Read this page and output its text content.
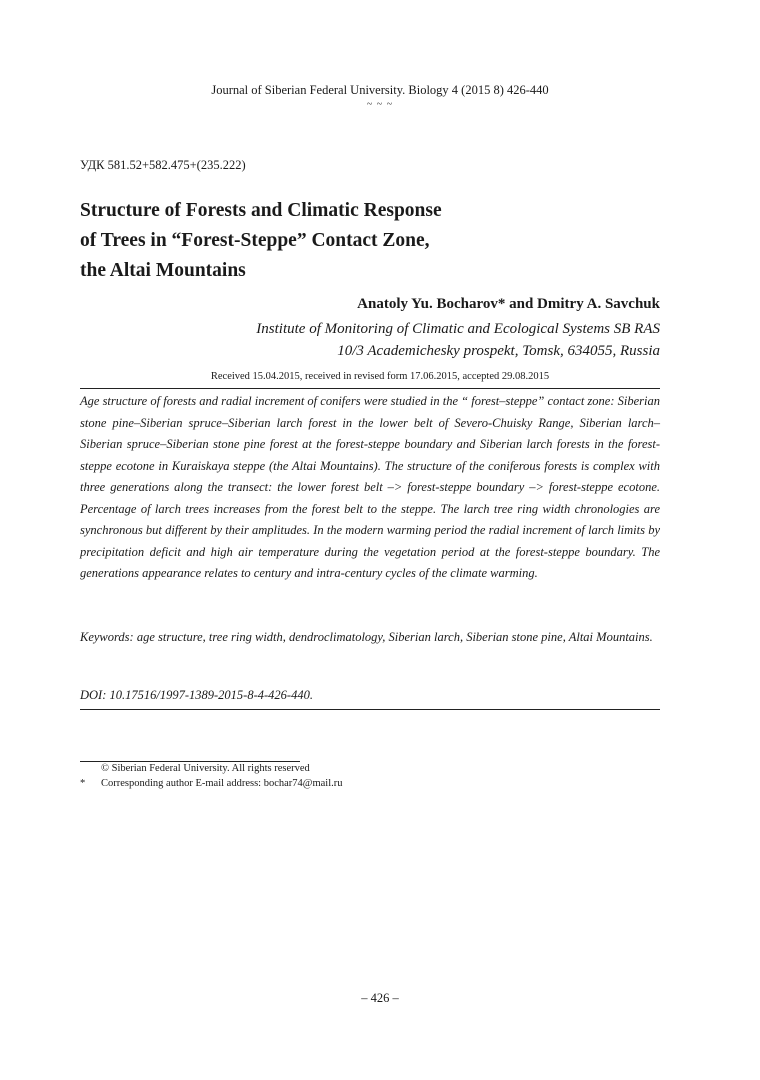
Journal of Siberian Federal University. Biology 4 (2015 8) 426-440
~ ~ ~
УДК 581.52+582.475+(235.222)
Structure of Forests and Climatic Response
of Trees in “Forest-Steppe” Contact Zone,
the Altai Mountains
Anatoly Yu. Bocharov* and Dmitry A. Savchuk
Institute of Monitoring of Climatic and Ecological Systems SB RAS
10/3 Academichesky prospekt, Tomsk, 634055, Russia
Received 15.04.2015, received in revised form 17.06.2015, accepted 29.08.2015
Age structure of forests and radial increment of conifers were studied in the “ forest–steppe” contact zone: Siberian stone pine–Siberian spruce–Siberian larch forest in the lower belt of Severo-Chuisky Range, Siberian larch–Siberian spruce–Siberian stone pine forest at the forest-steppe boundary and Siberian larch forests in the forest-steppe ecotone in Kuraiskaya steppe (the Altai Mountains). The structure of the coniferous forests is complex with three generations along the transect: the lower forest belt –> forest-steppe boundary –> forest-steppe ecotone. Percentage of larch trees increases from the forest belt to the steppe. The larch tree ring width chronologies are synchronous but different by their amplitudes. In the modern warming period the radial increment of larch limits by precipitation deficit and high air temperature during the vegetation period at the forest-steppe boundary. The generations appearance relates to century and intra-century cycles of the climate warming.
Keywords: age structure, tree ring width, dendroclimatology, Siberian larch, Siberian stone pine, Altai Mountains.
DOI: 10.17516/1997-1389-2015-8-4-426-440.
© Siberian Federal University. All rights reserved
* Corresponding author E-mail address: bochar74@mail.ru
– 426 –
